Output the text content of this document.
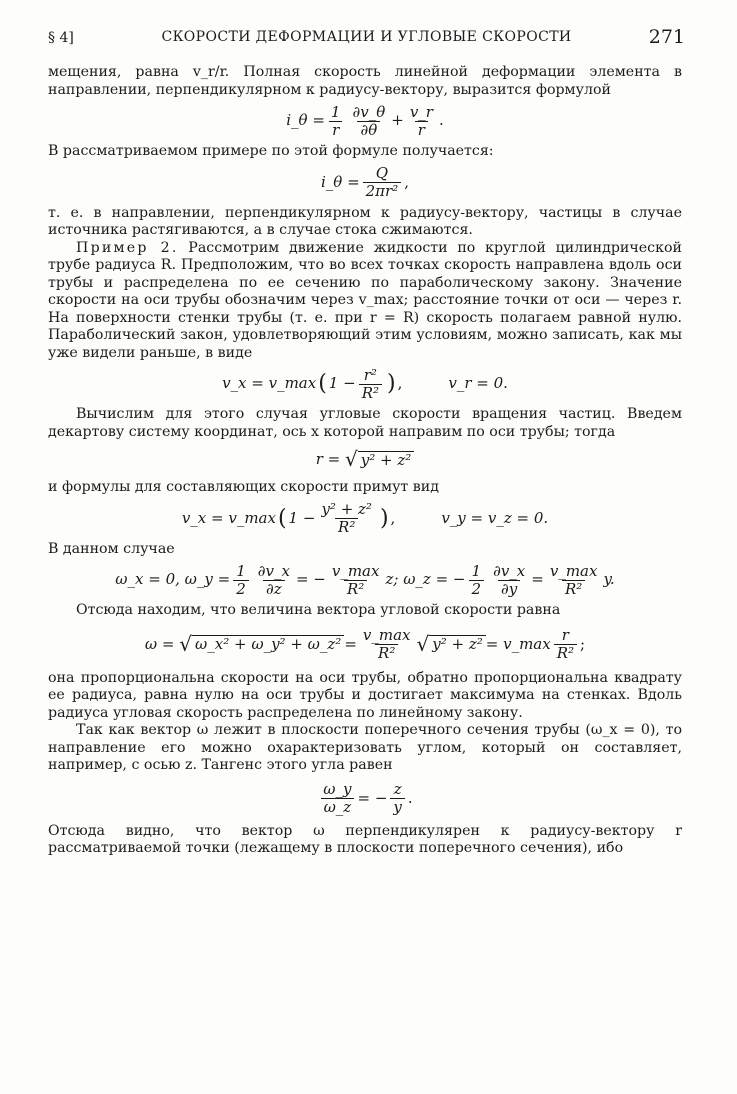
§ 4]	СКОРОСТИ ДЕФОРМАЦИИ И УГЛОВЫЕ СКОРОСТИ	271

мещения, равна v_r/r. Полная скорость линейной деформации элемента в направлении, перпендикулярном к радиусу-вектору, выразится формулой

i_θ = $\frac{1}{r} \frac{\partial v\_\theta}{\partial\theta} + \frac{v\_r}{r}$ .

В рассматриваемом примере по этой формуле получается:

i_θ = $\frac{Q}{\text{2πr²}}$ ,

т. е. в направлении, перпендикулярном к радиусу-вектору, частицы в случае источника растягиваются, а в случае стока сжимаются.

Пример 2. Рассмотрим движение жидкости по круглой цилиндрической трубе радиуса R. Предположим, что во всех точках скорость направлена вдоль оси трубы и распределена по ее сечению по параболическому закону. Значение скорости на оси трубы обозначим через v_max; расстояние точки от оси — через r. На поверхности стенки трубы (т. е. при r = R) скорость полагаем равной нулю. Параболический закон, удовлетворяющий этим условиям, можно записать, как мы уже видели раньше, в виде

v_x = v_max ( $1 - \frac{\text{r²}}{\text{R²}}$ ) ,	v_r = 0.

Вычислим для этого случая угловые скорости вращения частиц. Введем декартову систему координат, ось x которой направим по оси трубы; тогда

r =
√ y² + z²

и формулы для составляющих скорости примут вид

v_x = v_max ( $1 - \frac{\text{y² + z²}}{\text{R²}}$ ) ,	v_y = v_z = 0.

В данном случае

ω_x = 0, ω_y = $\frac{1}{2} \frac{\partial v\_x}{\partial z}$ = − $\frac{v\_\max}{\text{R²}} z$; ω_z = − $\frac{1}{2} \frac{\partial v\_x}{\partial y} = \frac{v\_\max}{\text{R²}} y$.

Отсюда находим, что величина вектора угловой скорости равна

ω =
√ ω_x² + ω_y² + ω_z² = $\frac{v\_\max}{\text{R²}}$ √ y² + z² = v_max $\frac{r}{\text{R²}}$ ;

она пропорциональна скорости на оси трубы, обратно пропорциональна квадрату ее радиуса, равна нулю на оси трубы и достигает максимума на стенках. Вдоль радиуса угловая скорость распределена по линейному закону.

Так как вектор ω лежит в плоскости поперечного сечения трубы (ω_x = 0), то направление его можно охарактеризовать углом, который он составляет, например, с осью z. Тангенс этого угла равен

$\frac{\omega\_y}{\omega\_z}$ = − $\frac{z}{y}$ .

Отсюда видно, что вектор ω перпендикулярен к радиусу-вектору r рассматриваемой точки (лежащему в плоскости поперечного сечения), ибо
